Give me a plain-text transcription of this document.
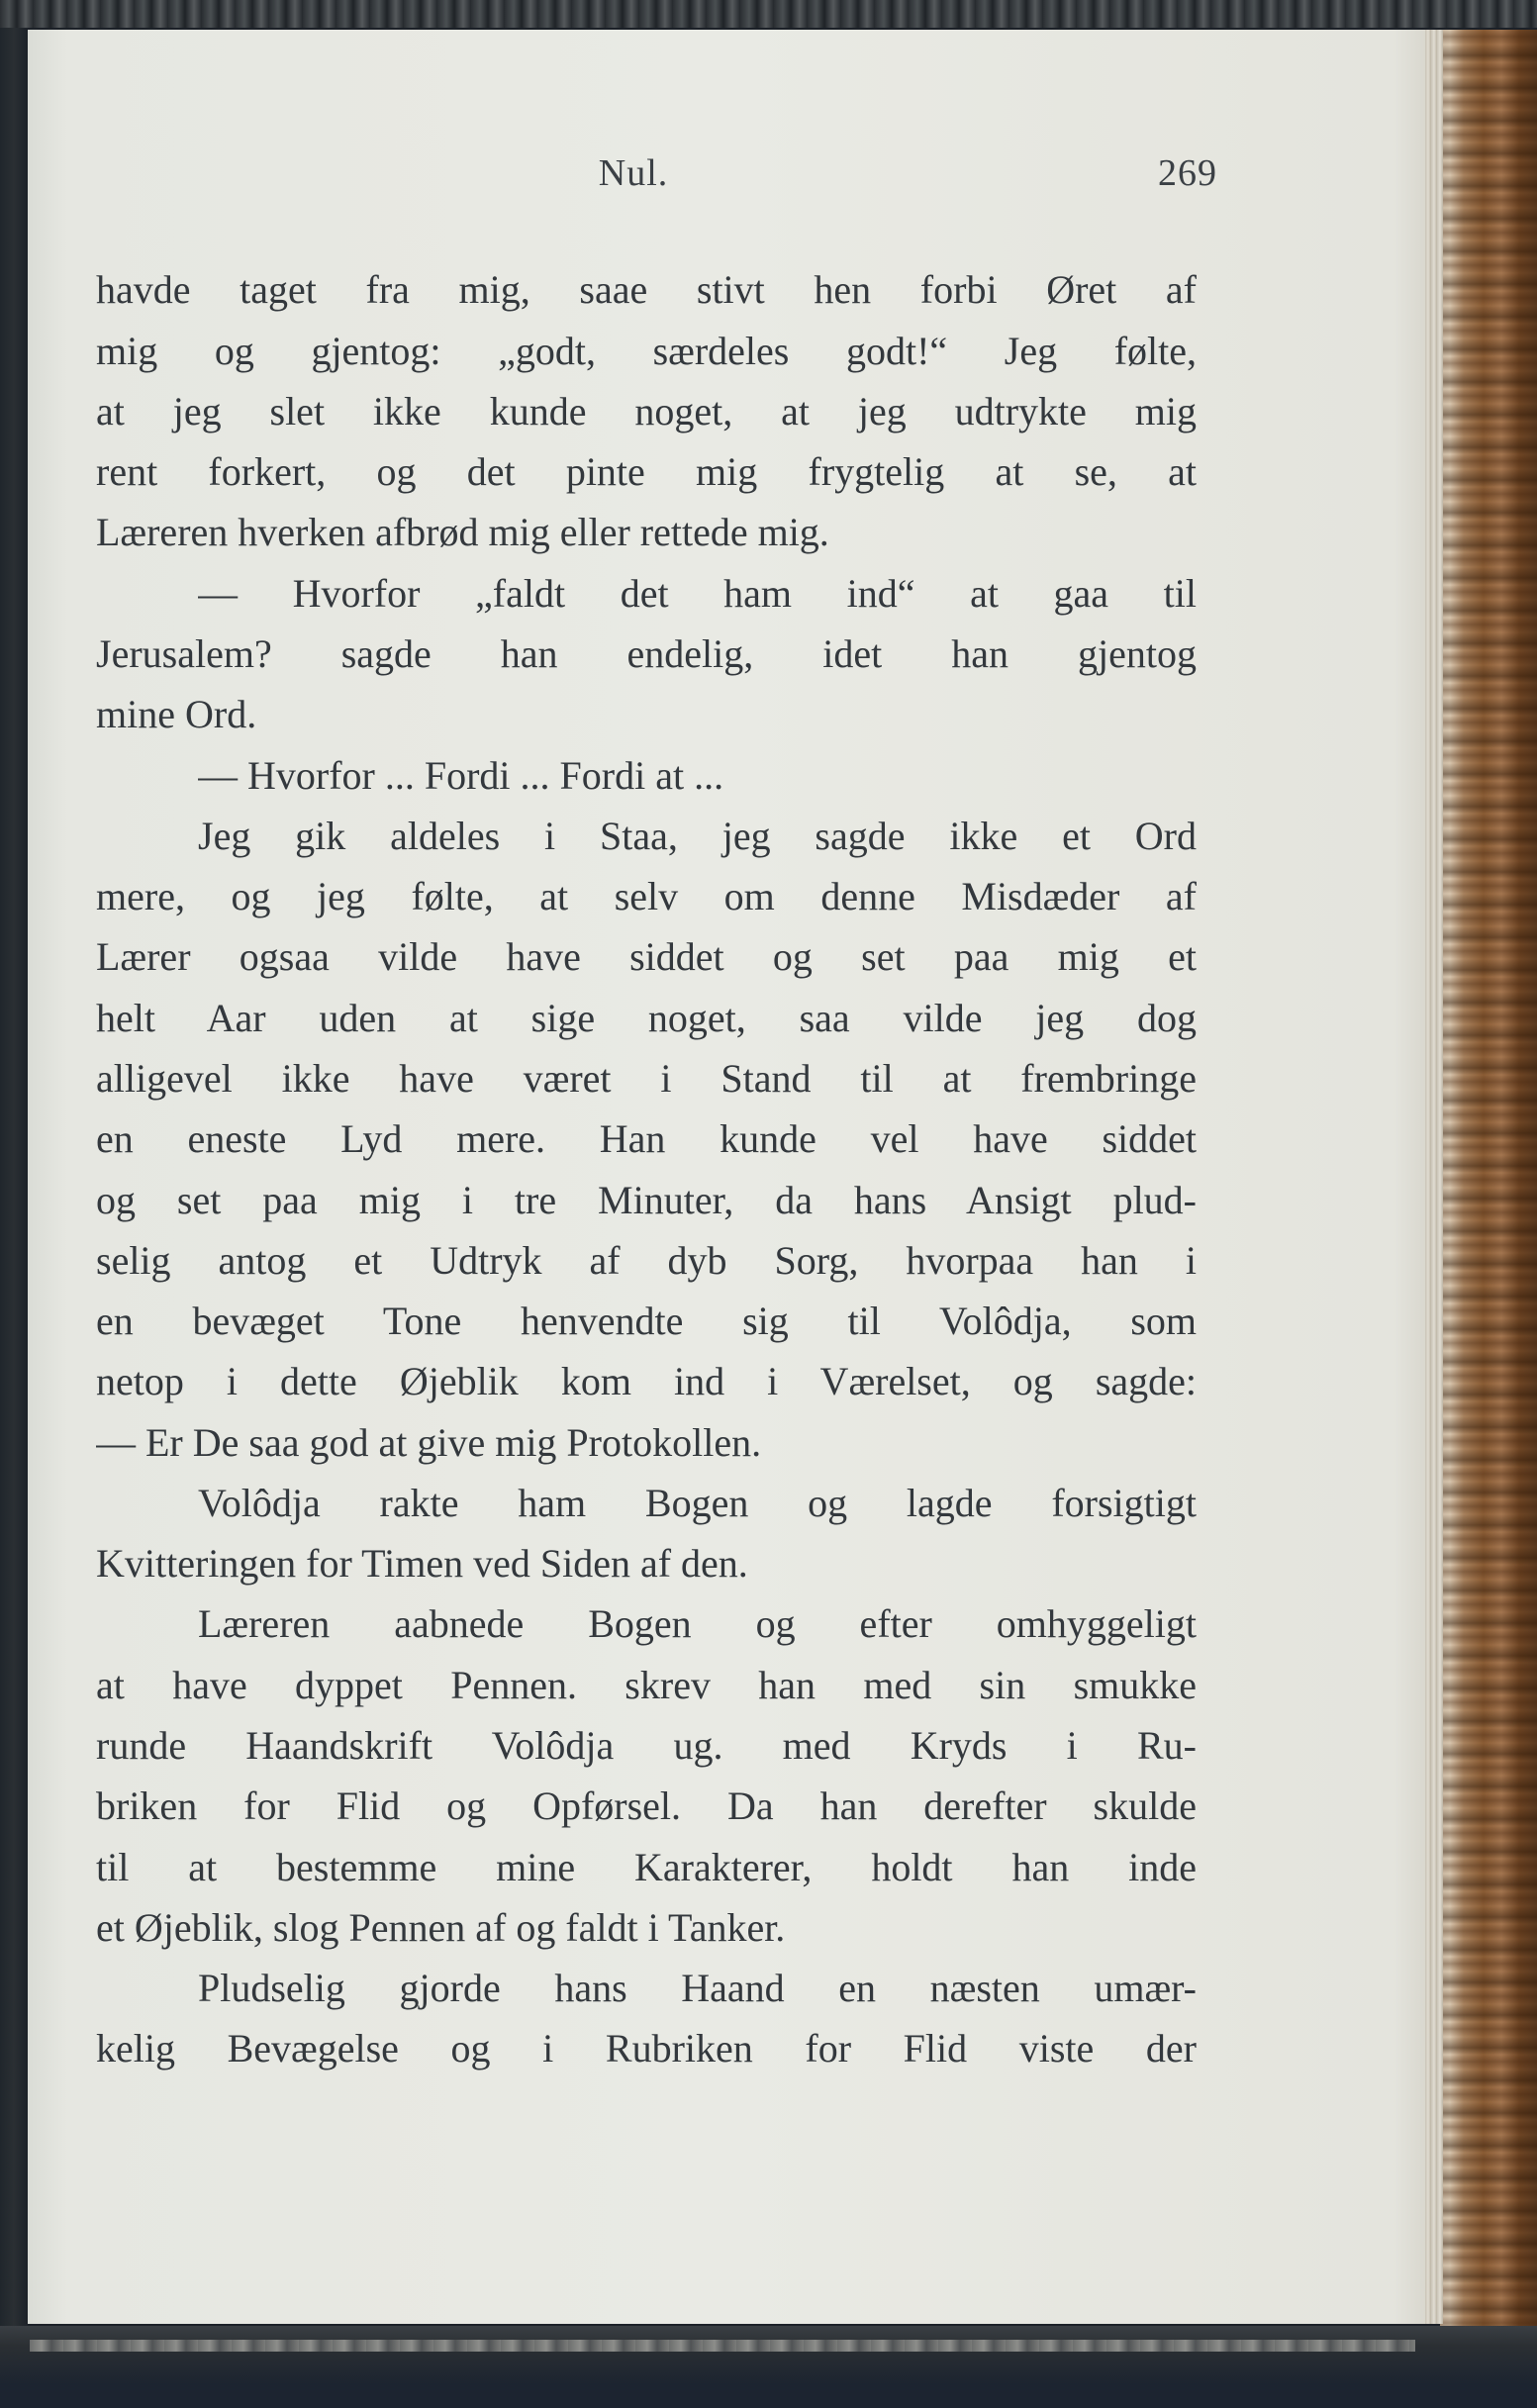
Nul.	269
havde taget fra mig, saae stivt hen forbi Øret af
mig og gjentog: „godt, særdeles godt!“ Jeg følte,
at jeg slet ikke kunde noget, at jeg udtrykte mig
rent forkert, og det pinte mig frygtelig at se, at
Læreren hverken afbrød mig eller rettede mig.
— Hvorfor „faldt det ham ind“ at gaa til
Jerusalem? sagde han endelig, idet han gjentog
mine Ord.
— Hvorfor ... Fordi ... Fordi at ...
Jeg gik aldeles i Staa, jeg sagde ikke et Ord
mere, og jeg følte, at selv om denne Misdæder af
Lærer ogsaa vilde have siddet og set paa mig et
helt Aar uden at sige noget, saa vilde jeg dog
alligevel ikke have været i Stand til at frembringe
en eneste Lyd mere. Han kunde vel have siddet
og set paa mig i tre Minuter, da hans Ansigt plud-
selig antog et Udtryk af dyb Sorg, hvorpaa han i
en bevæget Tone henvendte sig til Volôdja, som
netop i dette Øjeblik kom ind i Værelset, og sagde:
— Er De saa god at give mig Protokollen.
Volôdja rakte ham Bogen og lagde forsigtigt
Kvitteringen for Timen ved Siden af den.
Læreren aabnede Bogen og efter omhyggeligt
at have dyppet Pennen. skrev han med sin smukke
runde Haandskrift Volôdja ug. med Kryds i Ru-
briken for Flid og Opførsel. Da han derefter skulde
til at bestemme mine Karakterer, holdt han inde
et Øjeblik, slog Pennen af og faldt i Tanker.
Pludselig gjorde hans Haand en næsten umær-
kelig Bevægelse og i Rubriken for Flid viste der
